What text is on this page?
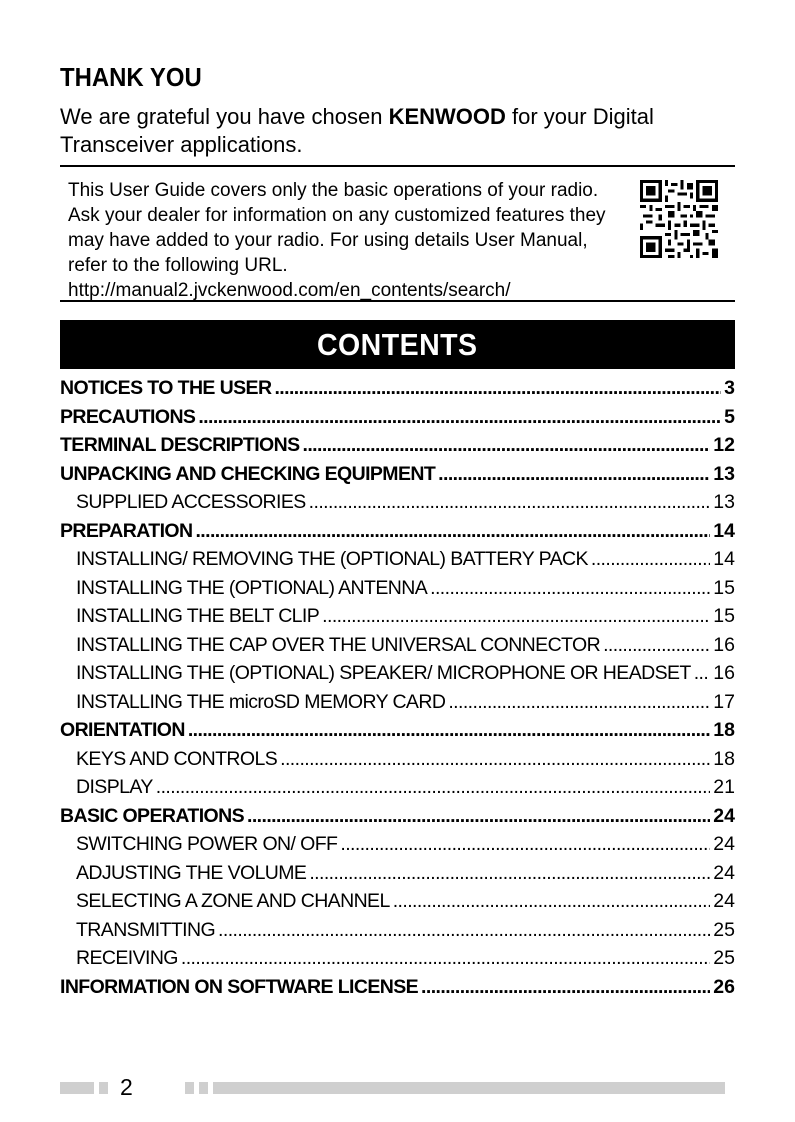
THANK YOU
We are grateful you have chosen KENWOOD for your Digital Transceiver applications.
This User Guide covers only the basic operations of your radio. Ask your dealer for information on any customized features they may have added to your radio. For using details User Manual, refer to the following URL.
http://manual2.jvckenwood.com/en_contents/search/
CONTENTS
NOTICES TO THE USER . . .	3
PRECAUTIONS . . .	5
TERMINAL DESCRIPTIONS . . .	12
UNPACKING AND CHECKING EQUIPMENT . . .	13
SUPPLIED ACCESSORIES . . .	13
PREPARATION . . .	14
INSTALLING/ REMOVING THE (OPTIONAL) BATTERY PACK . . .	14
INSTALLING THE (OPTIONAL) ANTENNA . . .	15
INSTALLING THE BELT CLIP . . .	15
INSTALLING THE CAP OVER THE UNIVERSAL CONNECTOR . . .	16
INSTALLING THE (OPTIONAL) SPEAKER/ MICROPHONE OR HEADSET . . . 16
INSTALLING THE microSD MEMORY CARD . . .	17
ORIENTATION . . .	18
KEYS AND CONTROLS . . .	18
DISPLAY . . .	21
BASIC OPERATIONS . . .	24
SWITCHING POWER ON/ OFF . . .	24
ADJUSTING THE VOLUME . . .	24
SELECTING A ZONE AND CHANNEL . . .	24
TRANSMITTING . . .	25
RECEIVING . . .	25
INFORMATION ON SOFTWARE LICENSE . . .	26
2
